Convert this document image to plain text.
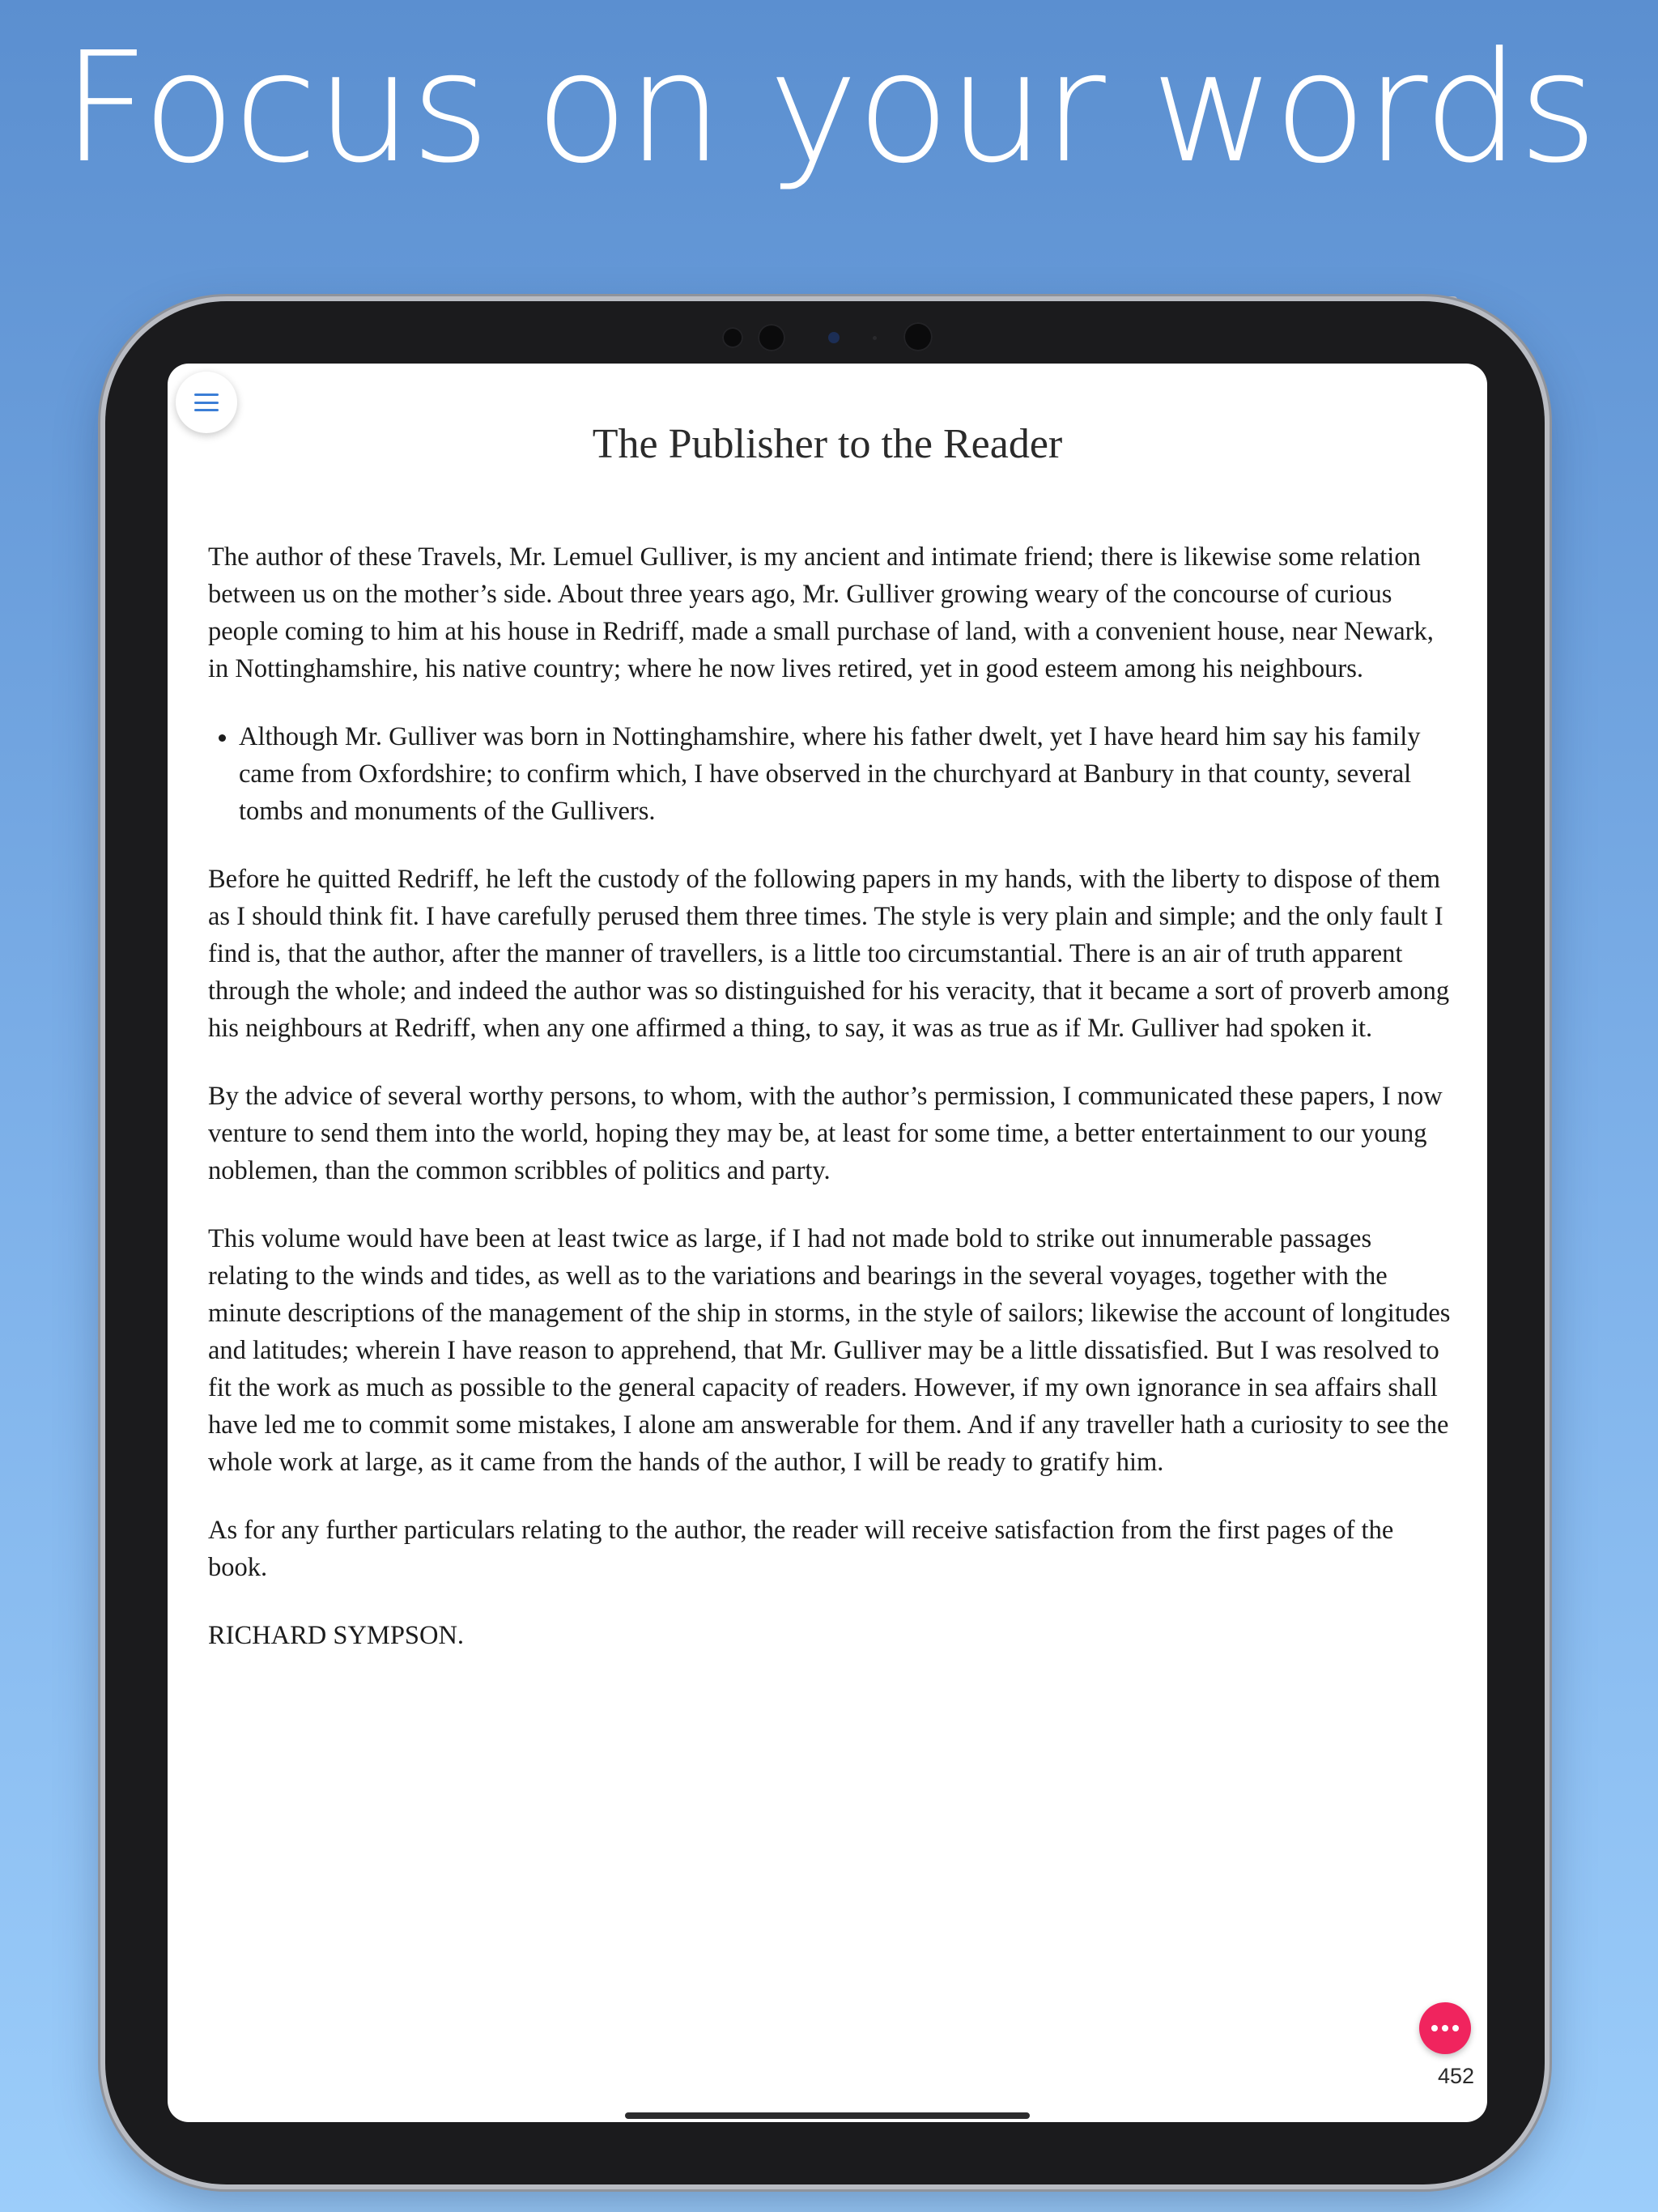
Focus on your words
The Publisher to the Reader

The author of these Travels, Mr. Lemuel Gulliver, is my ancient and intimate friend; there is likewise some relation between us on the mother’s side. About three years ago, Mr. Gulliver growing weary of the concourse of curious people coming to him at his house in Redriff, made a small purchase of land, with a convenient house, near Newark, in Nottinghamshire, his native country; where he now lives retired, yet in good esteem among his neighbours.

• Although Mr. Gulliver was born in Nottinghamshire, where his father dwelt, yet I have heard him say his family came from Oxfordshire; to confirm which, I have observed in the churchyard at Banbury in that county, several tombs and monuments of the Gullivers.

Before he quitted Redriff, he left the custody of the following papers in my hands, with the liberty to dispose of them as I should think fit. I have carefully perused them three times. The style is very plain and simple; and the only fault I find is, that the author, after the manner of travellers, is a little too circumstantial. There is an air of truth apparent through the whole; and indeed the author was so distinguished for his veracity, that it became a sort of proverb among his neighbours at Redriff, when any one affirmed a thing, to say, it was as true as if Mr. Gulliver had spoken it.

By the advice of several worthy persons, to whom, with the author’s permission, I communicated these papers, I now venture to send them into the world, hoping they may be, at least for some time, a better entertainment to our young noblemen, than the common scribbles of politics and party.

This volume would have been at least twice as large, if I had not made bold to strike out innumerable passages relating to the winds and tides, as well as to the variations and bearings in the several voyages, together with the minute descriptions of the management of the ship in storms, in the style of sailors; likewise the account of longitudes and latitudes; wherein I have reason to apprehend, that Mr. Gulliver may be a little dissatisfied. But I was resolved to fit the work as much as possible to the general capacity of readers. However, if my own ignorance in sea affairs shall have led me to commit some mistakes, I alone am answerable for them. And if any traveller hath a curiosity to see the whole work at large, as it came from the hands of the author, I will be ready to gratify him.

As for any further particulars relating to the author, the reader will receive satisfaction from the first pages of the book.

RICHARD SYMPSON.

452
